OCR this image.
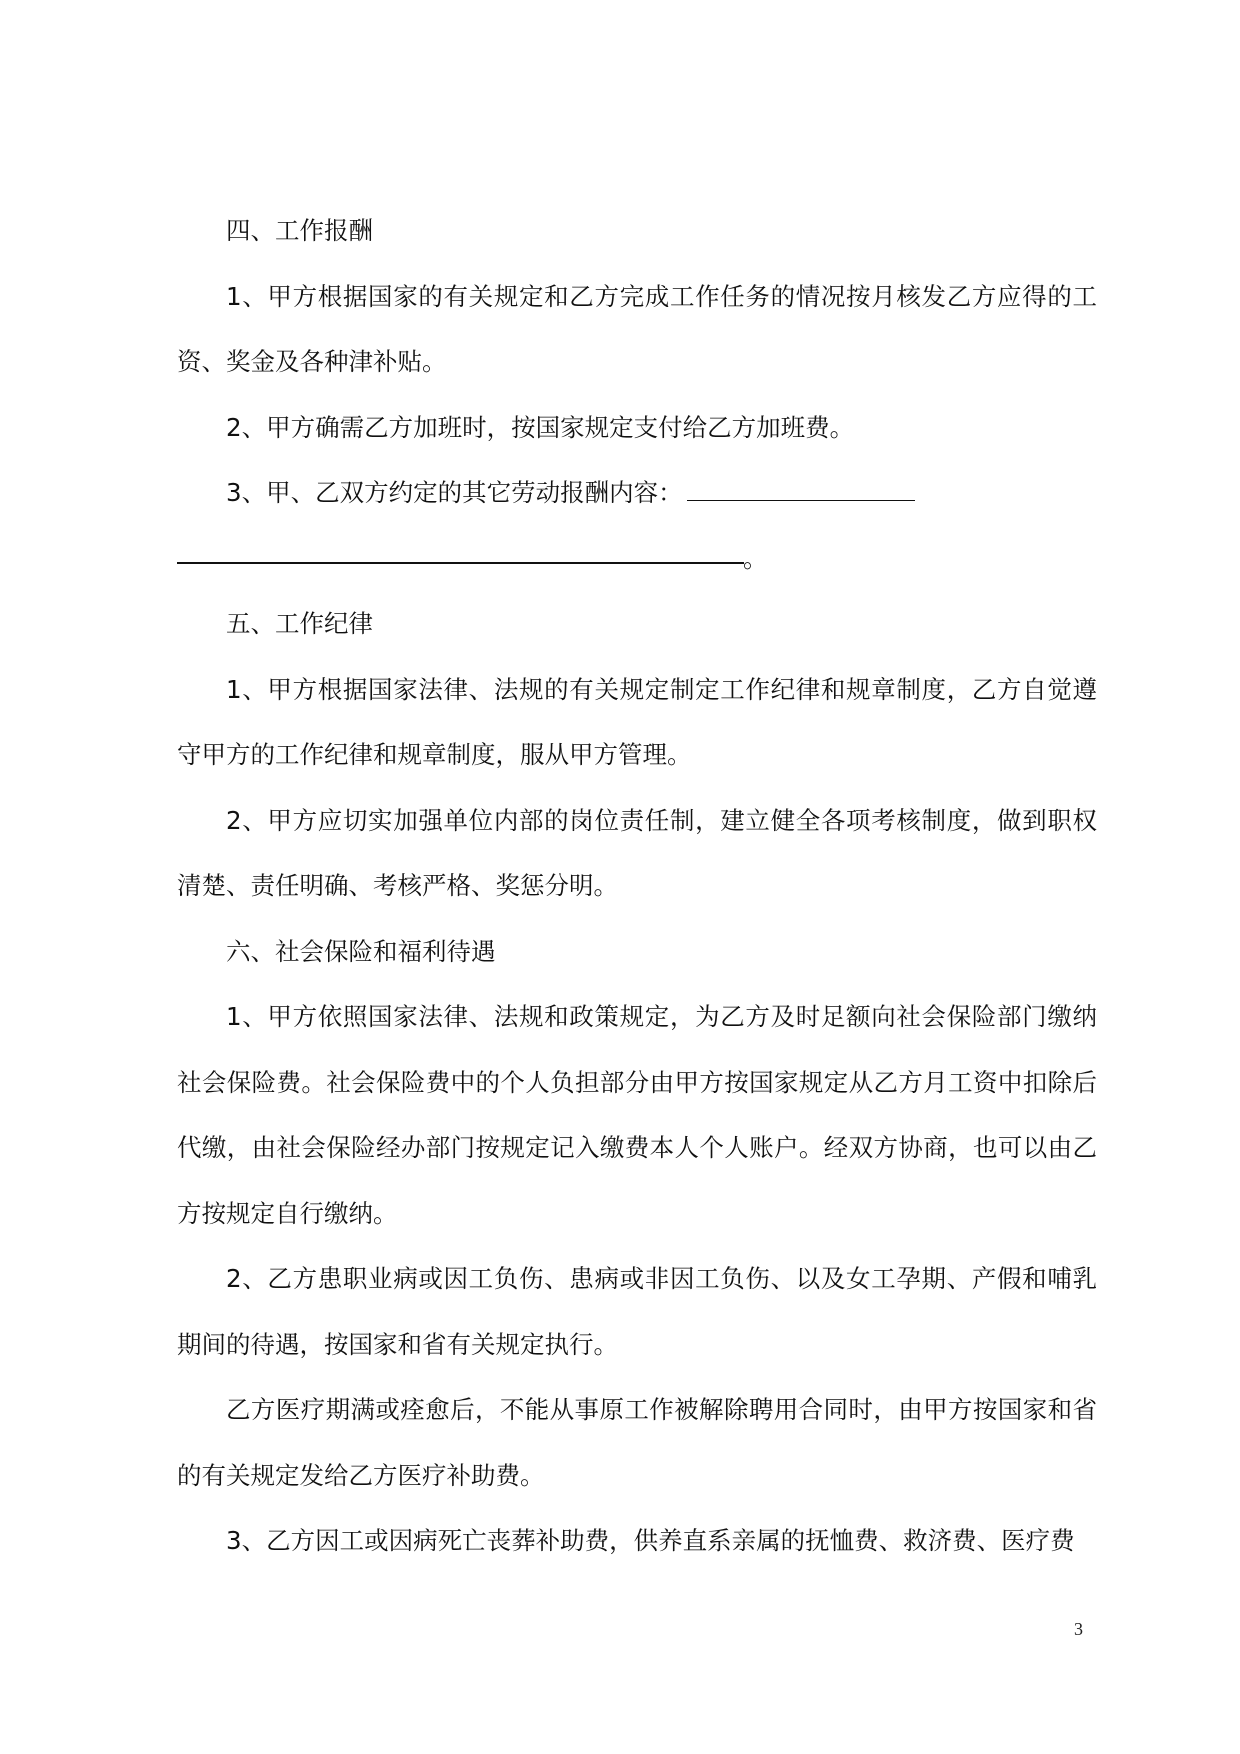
四、工作报酬

1、甲方根据国家的有关规定和乙方完成工作任务的情况按月核发乙方应得的工资、奖金及各种津补贴。

2、甲方确需乙方加班时，按国家规定支付给乙方加班费。

3、甲、乙双方约定的其它劳动报酬内容：

。

五、工作纪律

1、甲方根据国家法律、法规的有关规定制定工作纪律和规章制度，乙方自觉遵守甲方的工作纪律和规章制度，服从甲方管理。

2、甲方应切实加强单位内部的岗位责任制，建立健全各项考核制度，做到职权清楚、责任明确、考核严格、奖惩分明。

六、社会保险和福利待遇

1、甲方依照国家法律、法规和政策规定，为乙方及时足额向社会保险部门缴纳社会保险费。社会保险费中的个人负担部分由甲方按国家规定从乙方月工资中扣除后代缴，由社会保险经办部门按规定记入缴费本人个人账户。经双方协商，也可以由乙方按规定自行缴纳。

2、乙方患职业病或因工负伤、患病或非因工负伤、以及女工孕期、产假和哺乳期间的待遇，按国家和省有关规定执行。

乙方医疗期满或痊愈后，不能从事原工作被解除聘用合同时，由甲方按国家和省的有关规定发给乙方医疗补助费。

3、乙方因工或因病死亡丧葬补助费，供养直系亲属的抚恤费、救济费、医疗费

3
